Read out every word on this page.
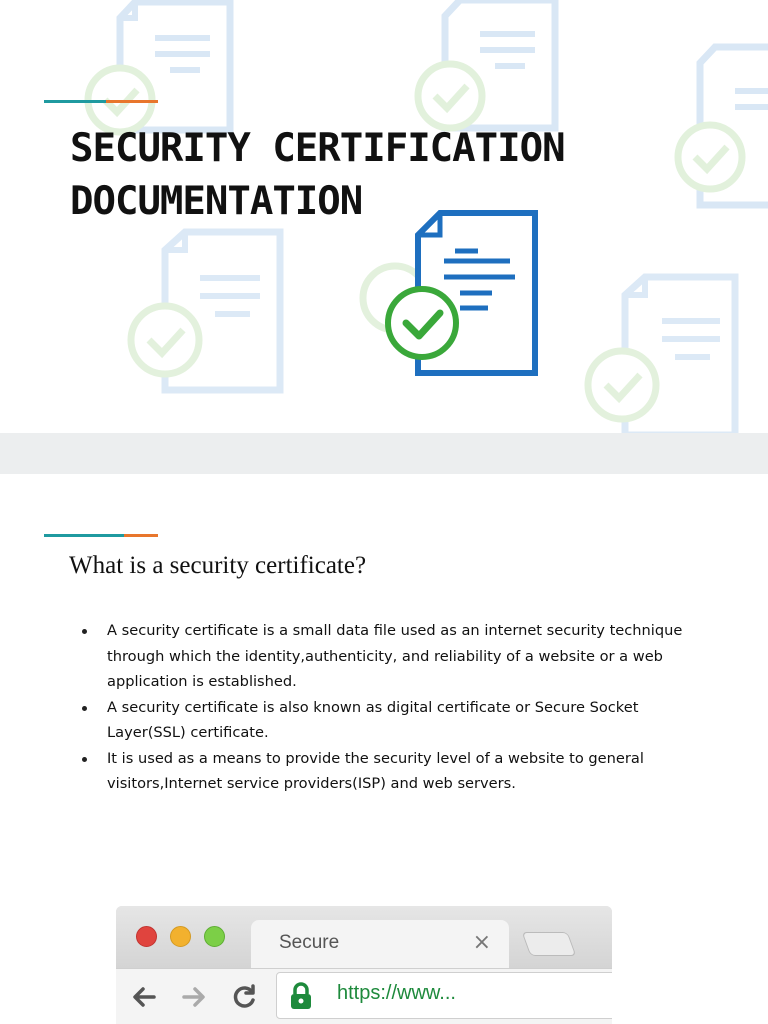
SECURITY CERTIFICATION
DOCUMENTATION
What is a security certificate?
A security certificate is a small data file used as an internet security technique through which the identity,authenticity, and reliability of a website or a web application is established.
A security certificate is also known as digital certificate or Secure Socket Layer(SSL) certificate.
It is used as a means to provide the security level of a website to general visitors,Internet service providers(ISP) and web servers.
Secure	×
https://www...
